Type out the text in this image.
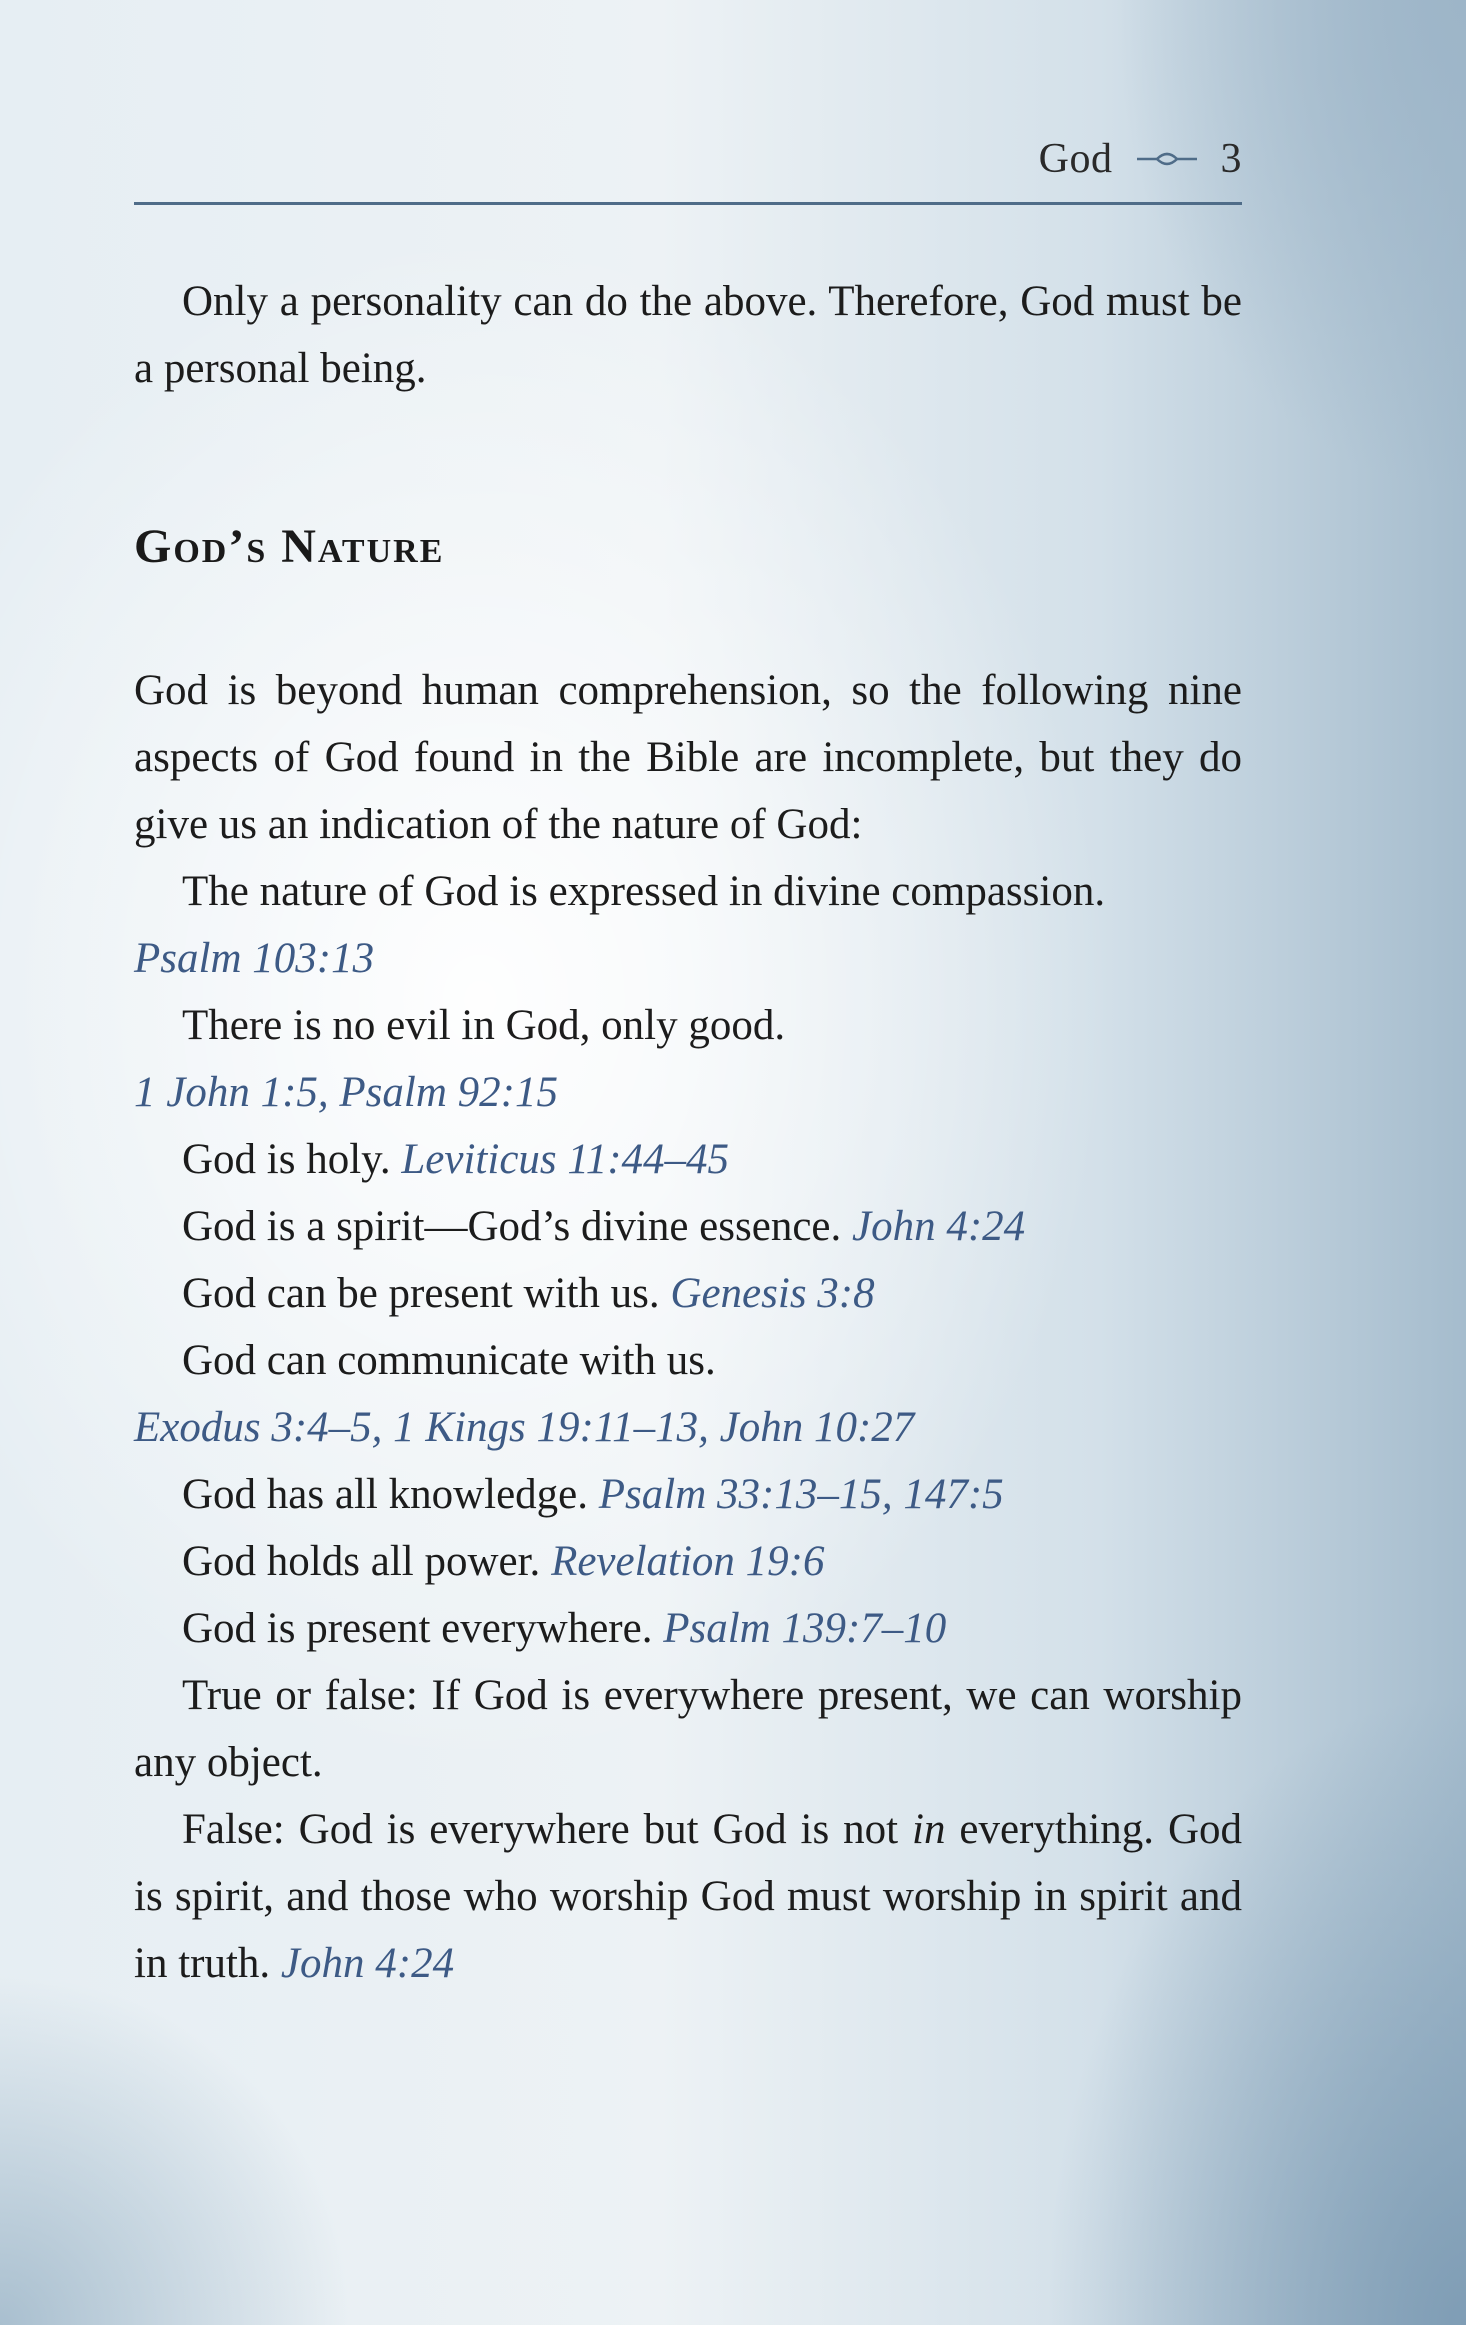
God	3

Only a personality can do the above. Therefore, God must be a personal being.

God’s Nature

God is beyond human comprehension, so the following nine aspects of God found in the Bible are incomplete, but they do give us an indication of the nature of God:

The nature of God is expressed in divine compassion.
Psalm 103:13

There is no evil in God, only good.
1 John 1:5, Psalm 92:15

God is holy. Leviticus 11:44–45

God is a spirit—God’s divine essence. John 4:24

God can be present with us. Genesis 3:8

God can communicate with us.
Exodus 3:4–5, 1 Kings 19:11–13, John 10:27

God has all knowledge. Psalm 33:13–15, 147:5

God holds all power. Revelation 19:6

God is present everywhere. Psalm 139:7–10

True or false: If God is everywhere present, we can worship any object.

False: God is everywhere but God is not in everything. God is spirit, and those who worship God must worship in spirit and in truth. John 4:24
